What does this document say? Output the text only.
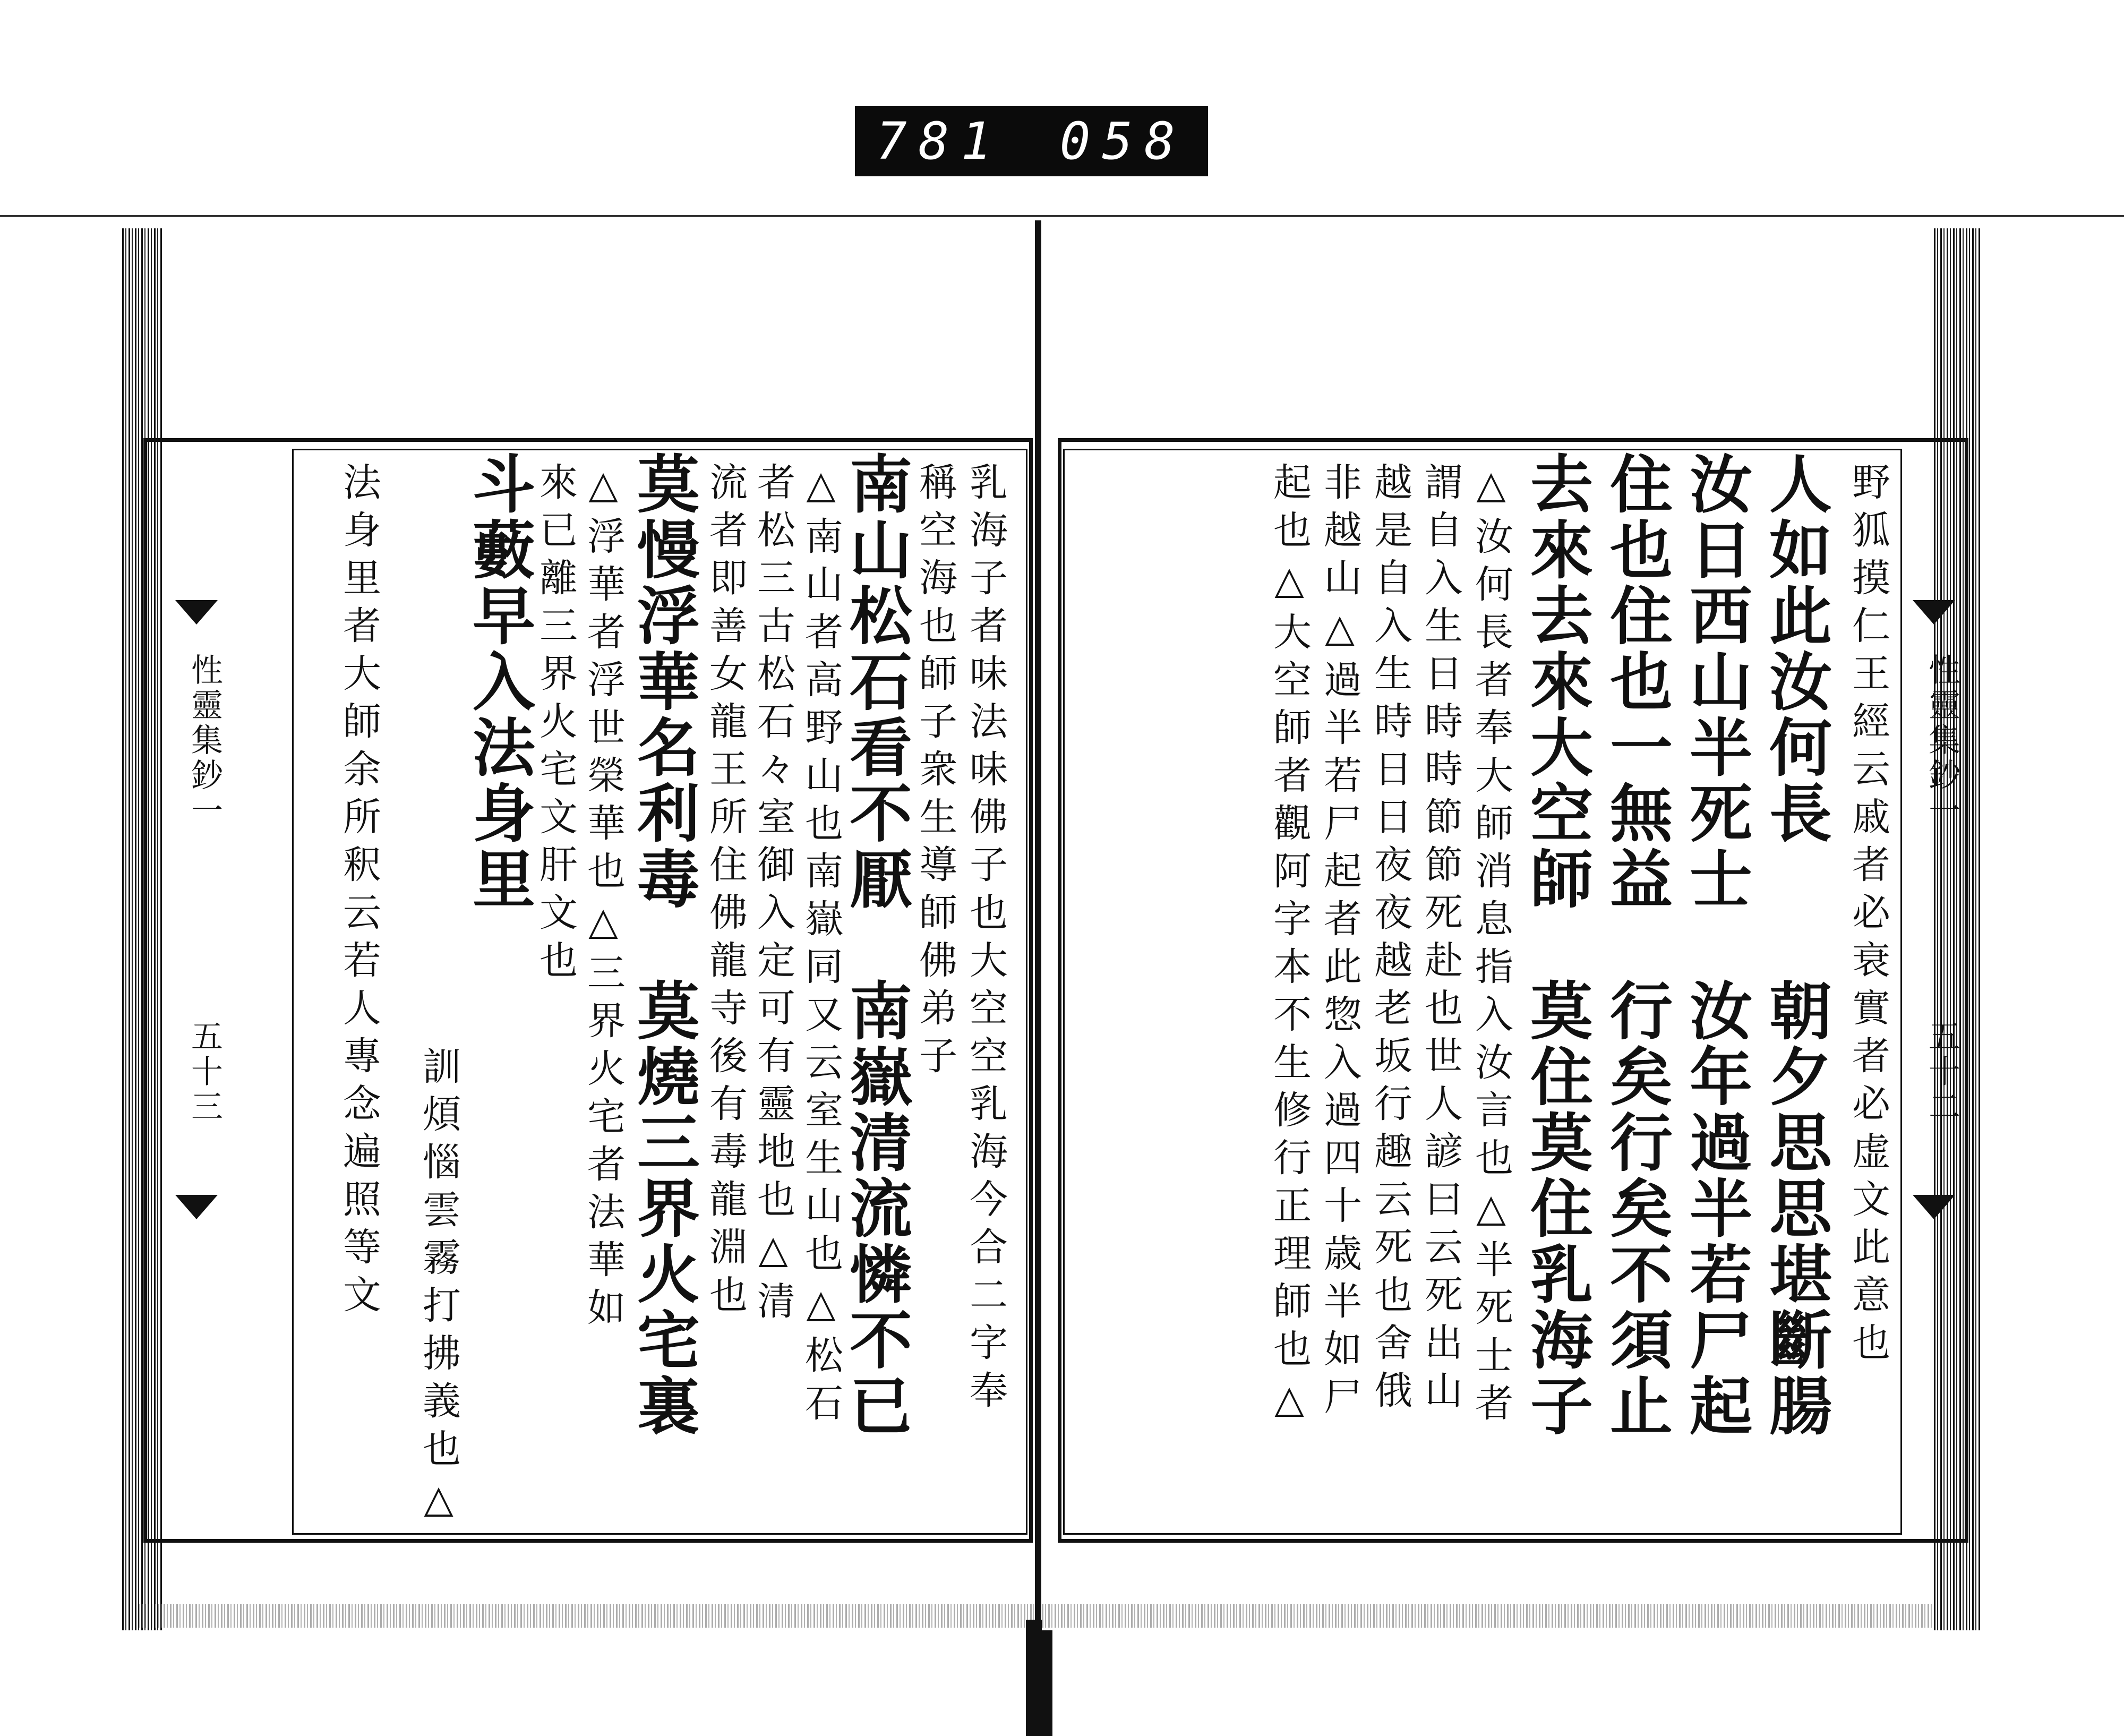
781 058
性靈集鈔一
五十三	乳海子者味法味佛子也大空空乳海今合二字奉
稱空海也師子衆生導師佛弟子
南山松石看不厭　南嶽清流憐不已
△南山者高野山也南嶽同又云室生山也△松石
者松三古松石々室御入定可有靈地也△清
流者即善女龍王所住佛龍寺後有毒龍淵也
莫慢浮華名利毒　莫燒三界火宅裏
△浮華者浮世榮華也△三界火宅者法華如
來已離三界火宅文肝文也
斗藪早入法身里
訓煩惱雲霧打拂義也△
法身里者大師余所釈云若人專念遍照等文	性靈集鈔一
五十二
野狐摸仁王經云戚者必衰實者必虚文此意也
人如此汝何長　　朝夕思思堪斷腸
汝日西山半死士　汝年過半若尸起
住也住也一無益　行矣行矣不須止
去來去來大空師　莫住莫住乳海子
△汝何長者奉大師消息指入汝言也△半死士者
謂自入生日時時節節死赴也世人諺曰云死出山
越是自入生時日日夜夜越老坂行趣云死也舍俄
非越山△過半若尸起者此惣入過四十歳半如尸
起也△大空師者觀阿字本不生修行正理師也△
